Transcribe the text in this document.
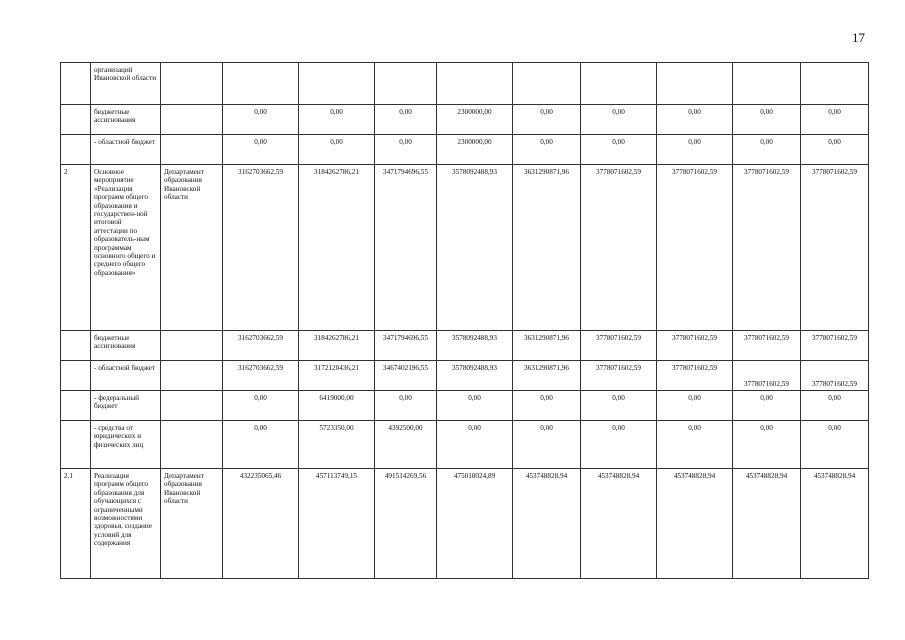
17
	организаций Ивановской области										
	бюджетные ассигнования		0,00	0,00	0,00	2300000,00	0,00	0,00	0,00	0,00	0,00
	- областной бюджет		0,00	0,00	0,00	2300000,00	0,00	0,00	0,00	0,00	0,00
2	Основное мероприятие «Реализация программ общего образования и государствен-ной итоговой аттестации по образователь-ным программам основного общего и среднего общего образования»	Департамент образования Ивановской области	3162703662,59	3184262786,21	3471794696,55	3578092488,93	3631290871,96	3778071602,59	3778071602,59	3778071602,59	3778071602,59
	бюджетные ассигнования		3162703662,59	3184262786,21	3471794696,55	3578092488,93	3631290871,96	3778071602,59	3778071602,59	3778071602,59	3778071602,59
	- областной бюджет		3162703662,59	3172120436,21	3467402196,55	3578092488,93	3631290871,96	3778071602,59	3778071602,59	3778071602,59	3778071602,59
	- федеральный бюджет		0,00	6419000,00	0,00	0,00	0,00	0,00	0,00	0,00	0,00
	- средства от юридических и физических лиц		0,00	5723350,00	4392500,00	0,00	0,00	0,00	0,00	0,00	0,00
2.1	Реализация программ общего образования для обучающихся с ограниченными возможностями здоровья, создание условий для содержания	Департамент образования Ивановской области	432235065,46	457113749,15	491514269,56	475018024,89	453748828,94	453748828,94	453748828,94	453748828,94	453748828,94
